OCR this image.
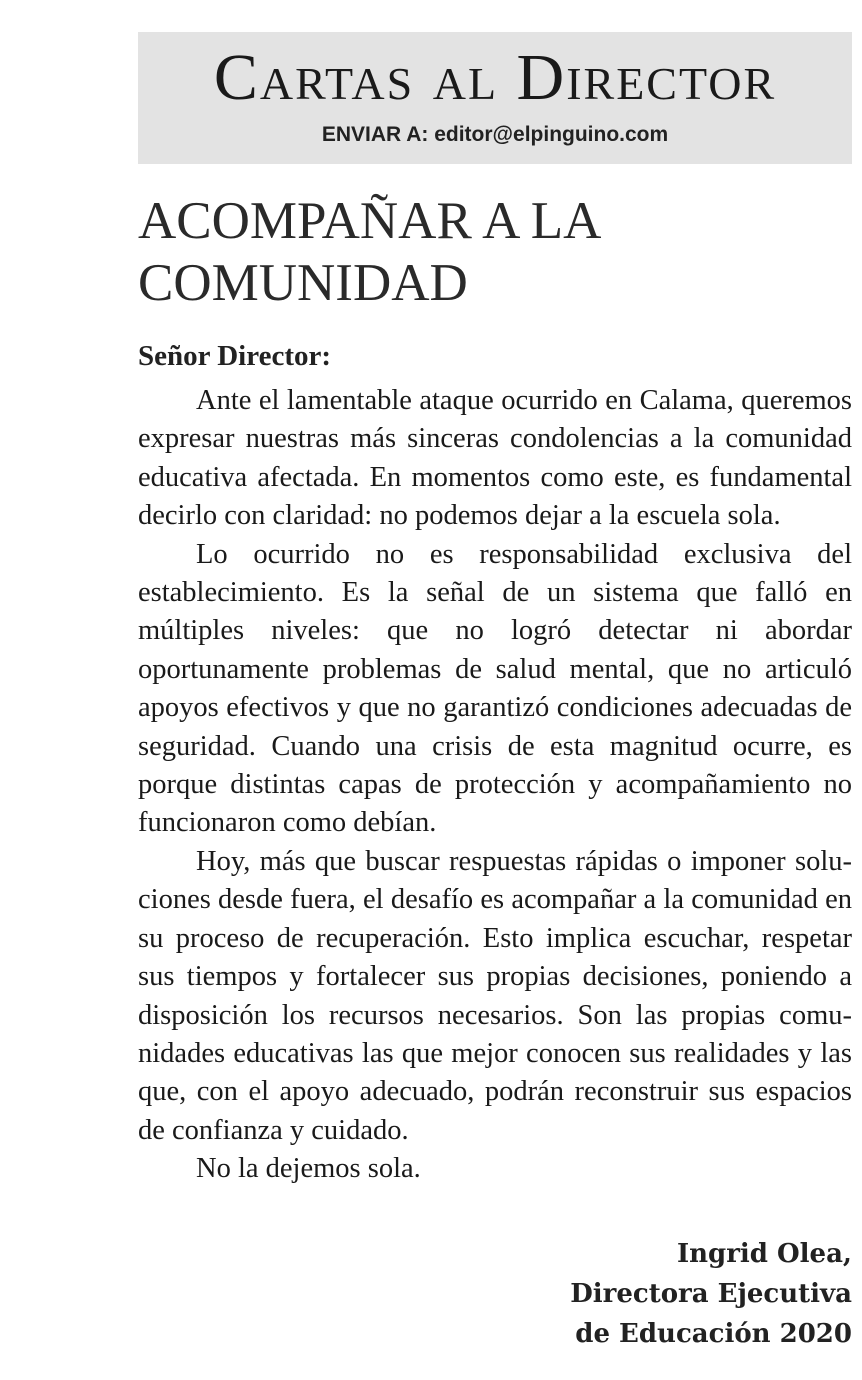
Cartas al Director
ENVIAR A: editor@elpinguino.com
ACOMPAÑAR A LA COMUNIDAD
Señor Director:

Ante el lamentable ataque ocurrido en Calama, queremos expresar nuestras más sinceras condolencias a la comunidad educativa afectada. En momentos como este, es fundamental decirlo con claridad: no podemos dejar a la escuela sola.

Lo ocurrido no es responsabilidad exclusiva del establecimiento. Es la señal de un sistema que falló en múltiples niveles: que no logró detectar ni abordar oportunamente problemas de salud mental, que no articuló apoyos efectivos y que no garantizó condiciones adecuadas de seguridad. Cuando una crisis de esta magnitud ocurre, es porque distintas capas de protección y acompañamiento no funcionaron como debían.

Hoy, más que buscar respuestas rápidas o imponer soluciones desde fuera, el desafío es acompañar a la comunidad en su proceso de recuperación. Esto implica escuchar, respetar sus tiempos y fortalecer sus propias decisiones, poniendo a disposición los recursos necesarios. Son las propias comunidades educativas las que mejor conocen sus realidades y las que, con el apoyo adecuado, podrán reconstruir sus espacios de confianza y cuidado.

No la dejemos sola.

Ingrid Olea,
Directora Ejecutiva
de Educación 2020
